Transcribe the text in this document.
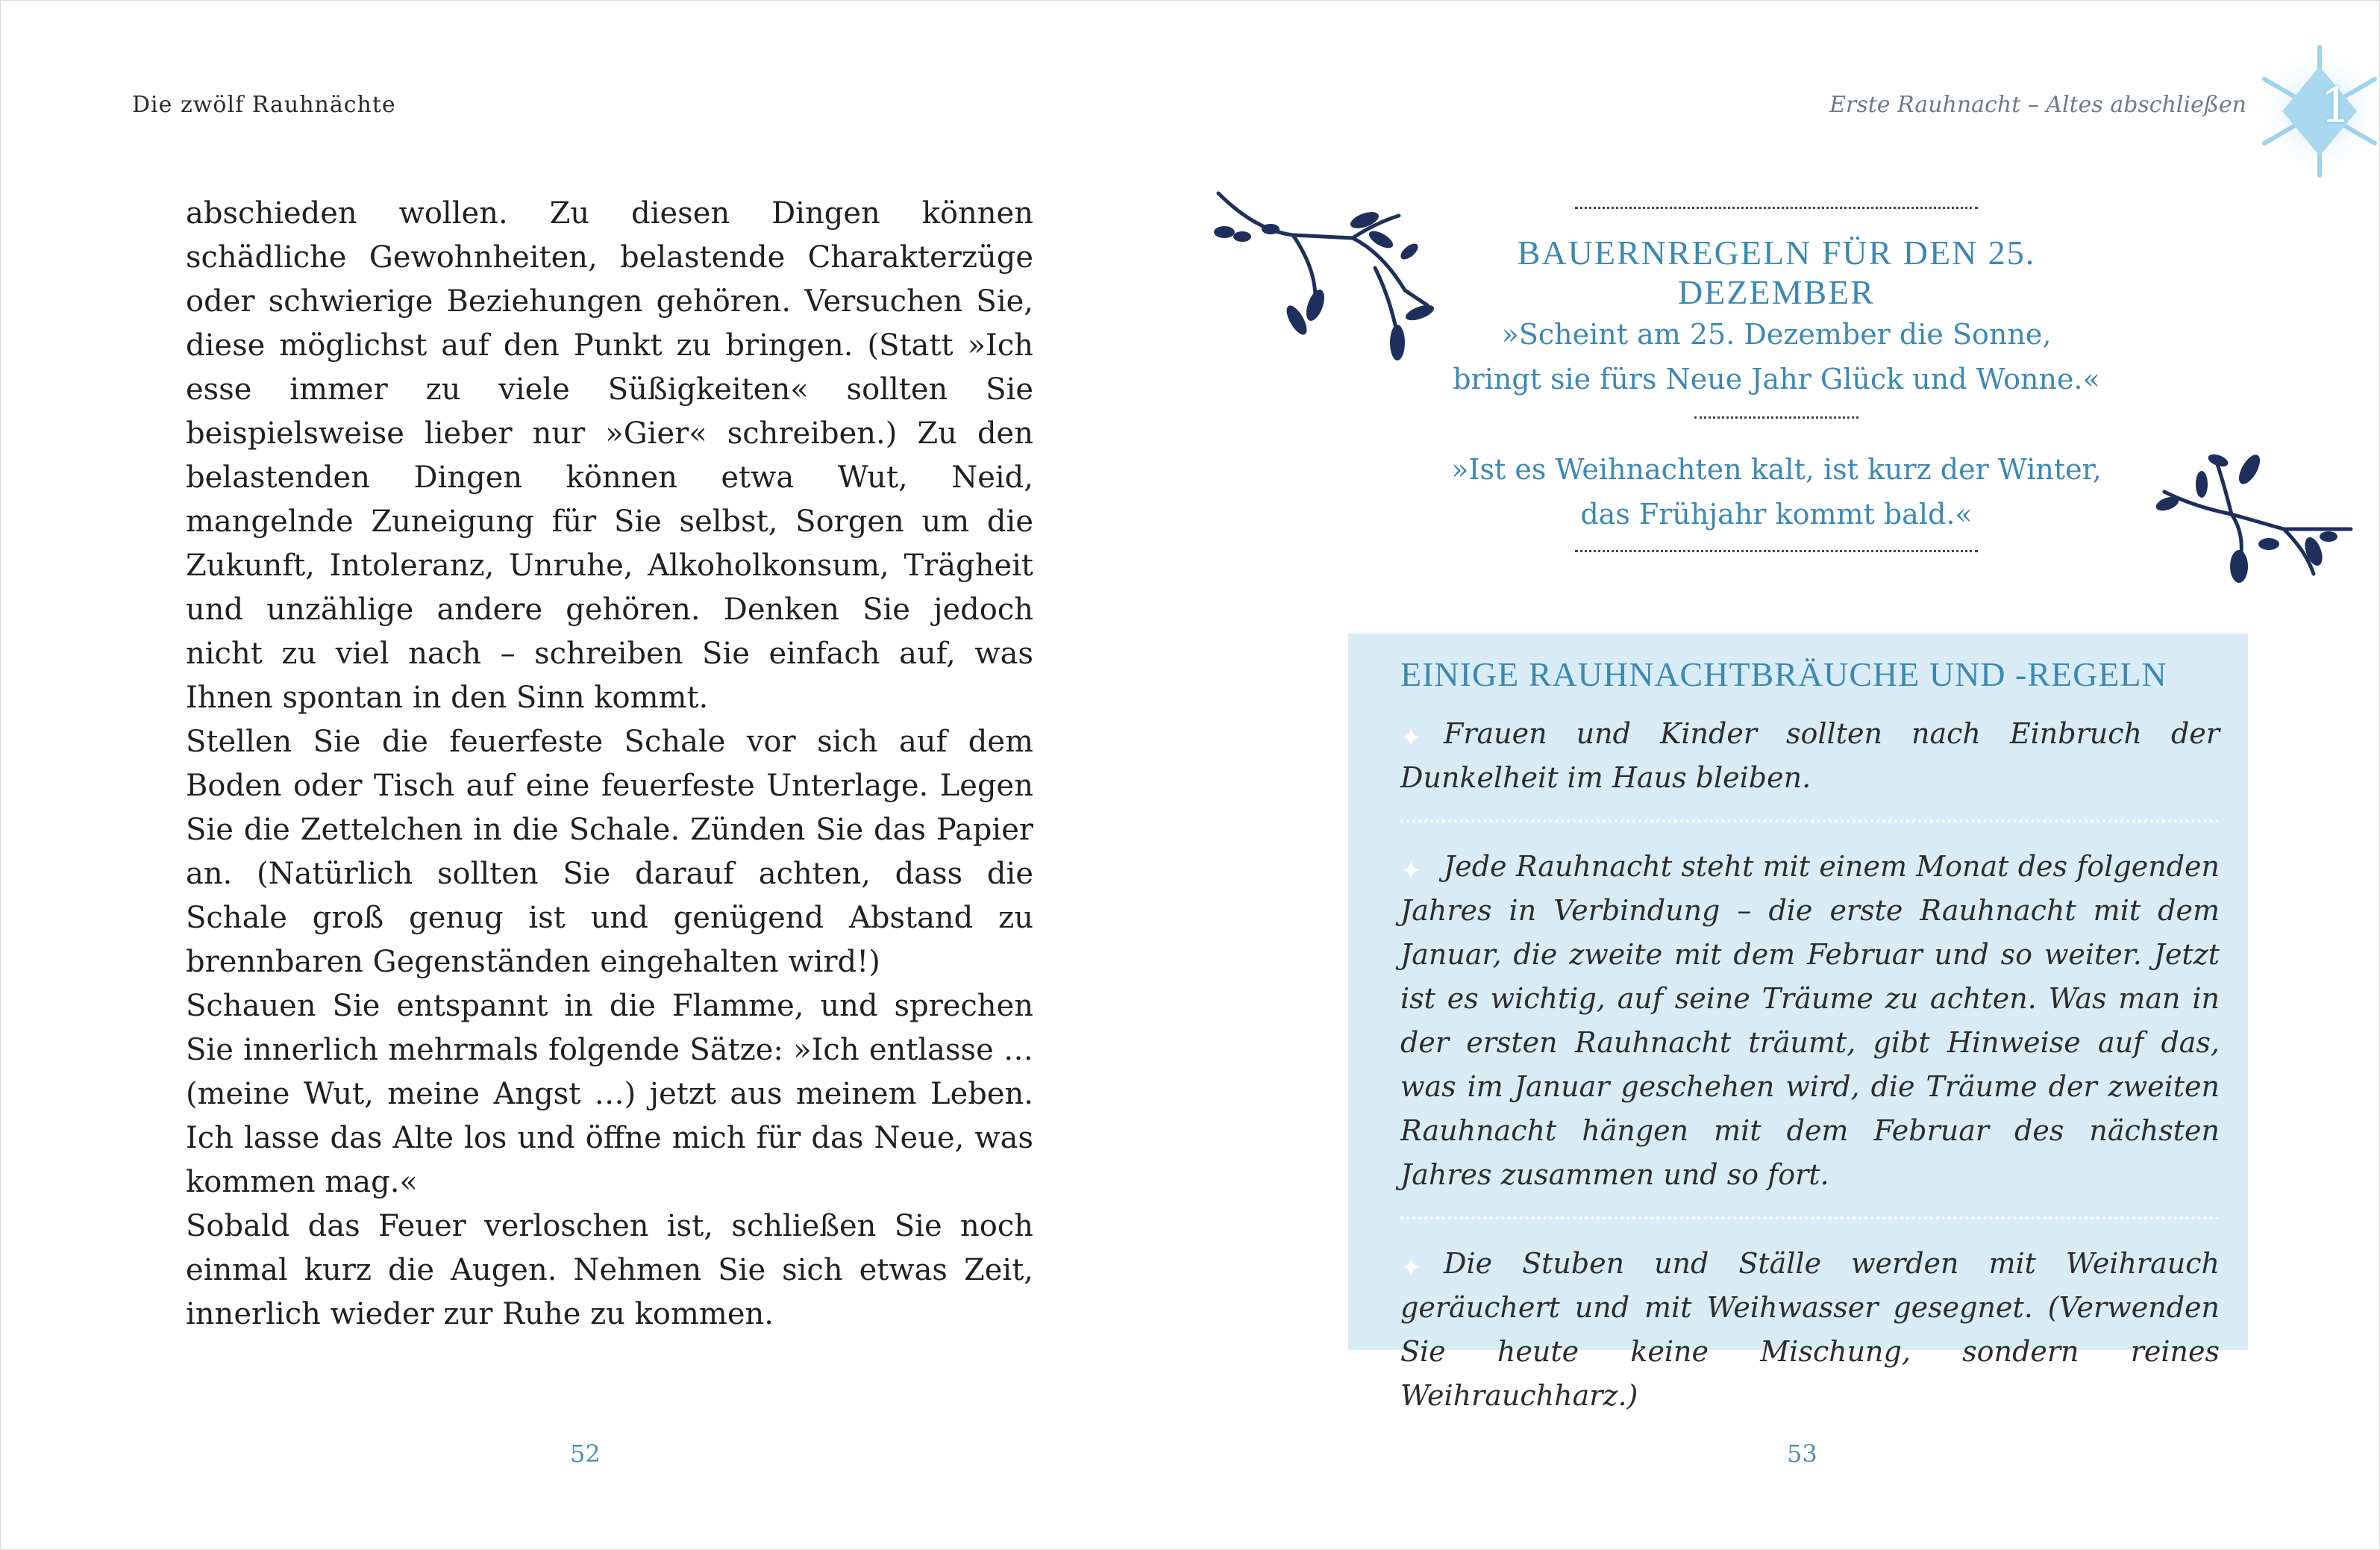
Die zwölf Rauhnächte

abschieden wollen. Zu diesen Dingen können schädliche Gewohnheiten, belastende Charakterzüge oder schwierige Beziehungen gehören. Versuchen Sie, diese möglichst auf den Punkt zu bringen. (Statt »Ich esse immer zu viele Süßigkeiten« sollten Sie beispielsweise lieber nur »Gier« schreiben.) Zu den belastenden Dingen können etwa Wut, Neid, mangelnde Zuneigung für Sie selbst, Sorgen um die Zukunft, Intoleranz, Unruhe, Alkoholkonsum, Trägheit und unzählige andere gehören. Denken Sie jedoch nicht zu viel nach – schreiben Sie einfach auf, was Ihnen spontan in den Sinn kommt.

Stellen Sie die feuerfeste Schale vor sich auf dem Boden oder Tisch auf eine feuerfeste Unterlage. Legen Sie die Zettelchen in die Schale. Zünden Sie das Papier an. (Natürlich sollten Sie darauf achten, dass die Schale groß genug ist und genügend Abstand zu brennbaren Gegenständen eingehalten wird!)

Schauen Sie entspannt in die Flamme, und sprechen Sie innerlich mehrmals folgende Sätze: »Ich entlasse … (meine Wut, meine Angst …) jetzt aus meinem Leben. Ich lasse das Alte los und öffne mich für das Neue, was kommen mag.«

Sobald das Feuer verloschen ist, schließen Sie noch einmal kurz die Augen. Nehmen Sie sich etwas Zeit, innerlich wieder zur Ruhe zu kommen.

52
Erste Rauhnacht – Altes abschließen 1
BAUERNREGELN FÜR DEN 25. DEZEMBER
»Scheint am 25. Dezember die Sonne,
bringt sie fürs Neue Jahr Glück und Wonne.«
»Ist es Weihnachten kalt, ist kurz der Winter,
das Frühjahr kommt bald.«
EINIGE RAUHNACHTBRÄUCHE UND -REGELN
✦ Frauen und Kinder sollten nach Einbruch der Dunkelheit im Haus bleiben.
✦ Jede Rauhnacht steht mit einem Monat des folgenden Jahres in Verbindung – die erste Rauhnacht mit dem Januar, die zweite mit dem Februar und so weiter. Jetzt ist es wichtig, auf seine Träume zu achten. Was man in der ersten Rauhnacht träumt, gibt Hinweise auf das, was im Januar geschehen wird, die Träume der zweiten Rauhnacht hängen mit dem Februar des nächsten Jahres zusammen und so fort.
✦ Die Stuben und Ställe werden mit Weihrauch geräuchert und mit Weihwasser gesegnet. (Verwenden Sie heute keine Mischung, sondern reines Weihrauchharz.)
53
